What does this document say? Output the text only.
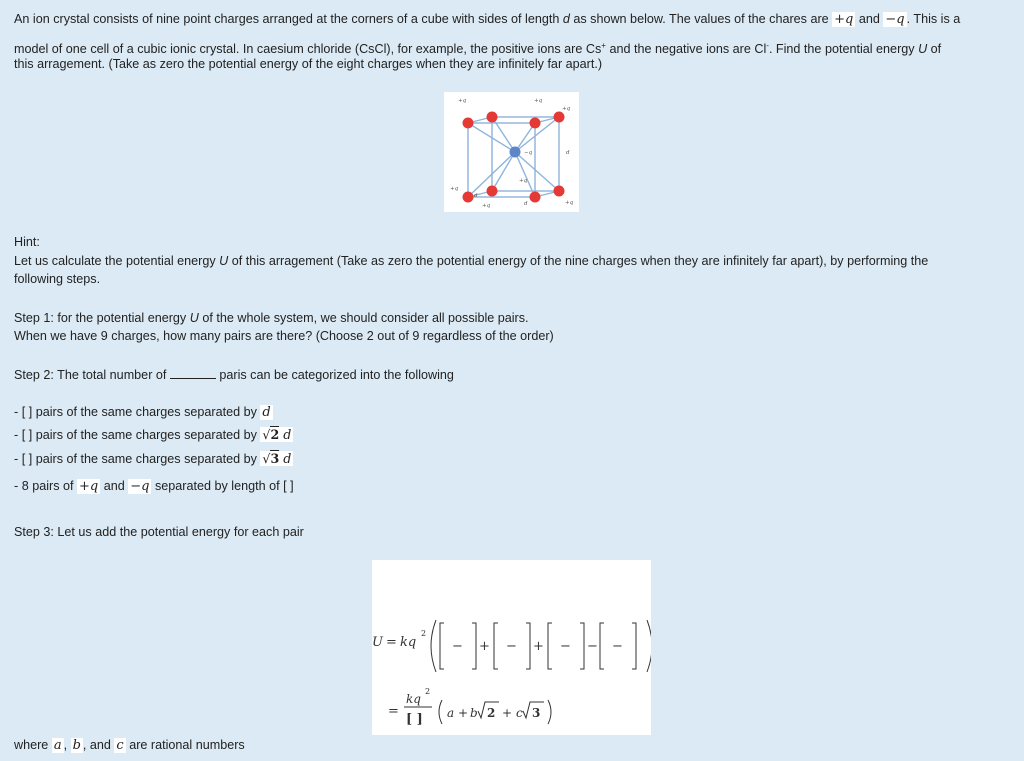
An ion crystal consists of nine point charges arranged at the corners of a cube with sides of length d as shown below. The values of the chares are +q and −q . This is a
model of one cell of a cubic ionic crystal. In caesium chloride (CsCl), for example, the positive ions are Cs+ and the negative ions are Cl-. Find the potential energy U of
this arragement. (Take as zero the potential energy of the eight charges when they are infinitely far apart.)
+q	+q
+q
−q	d
+q
+q
d
+q	d	+q
Hint:
Let us calculate the potential energy U of this arragement (Take as zero the potential energy of the nine charges when they are infinitely far apart), by performing the
following steps.
Step 1: for the potential energy U of the whole system, we should consider all possible pairs.
When we have 9 charges, how many pairs are there? (Choose 2 out of 9 regardless of the order)
Step 2: The total number of	paris can be categorized into the following
- [ ] pairs of the same charges separated by d
- [ ] pairs of the same charges separated by √2 d
- [ ] pairs of the same charges separated by √3 d
- 8 pairs of +q and −q separated by length of [ ]
Step 3: Let us add the potential energy for each pair
U = kq
2
− + − + − − −
=
kq
2
[ ] a + b 2 + c 3
where a , b , and c are rational numbers
